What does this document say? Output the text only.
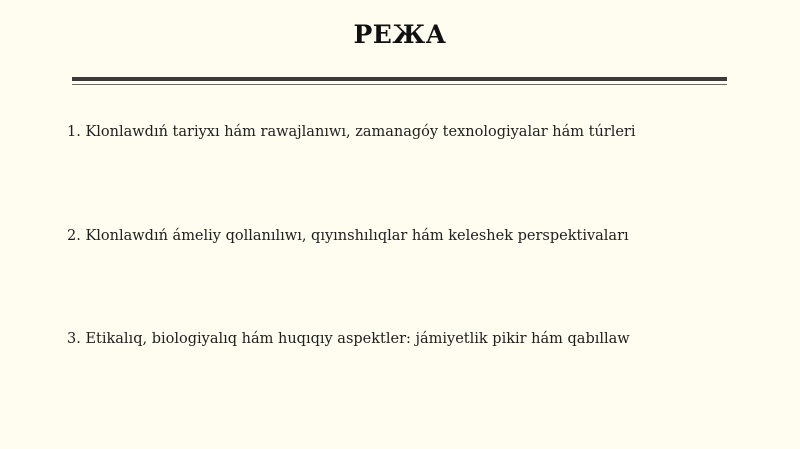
РЕЖА
1. Klonlawdıń tariyxı hám rawajlanıwı, zamanagóy texnologiyalar hám túrleri
2. Klonlawdıń ámeliy qollanılıwı, qıyınshılıqlar hám keleshek perspektivaları
3. Etikalıq, biologiyalıq hám huqıqıy aspektler: jámiyetlik pikir hám qabıllaw
